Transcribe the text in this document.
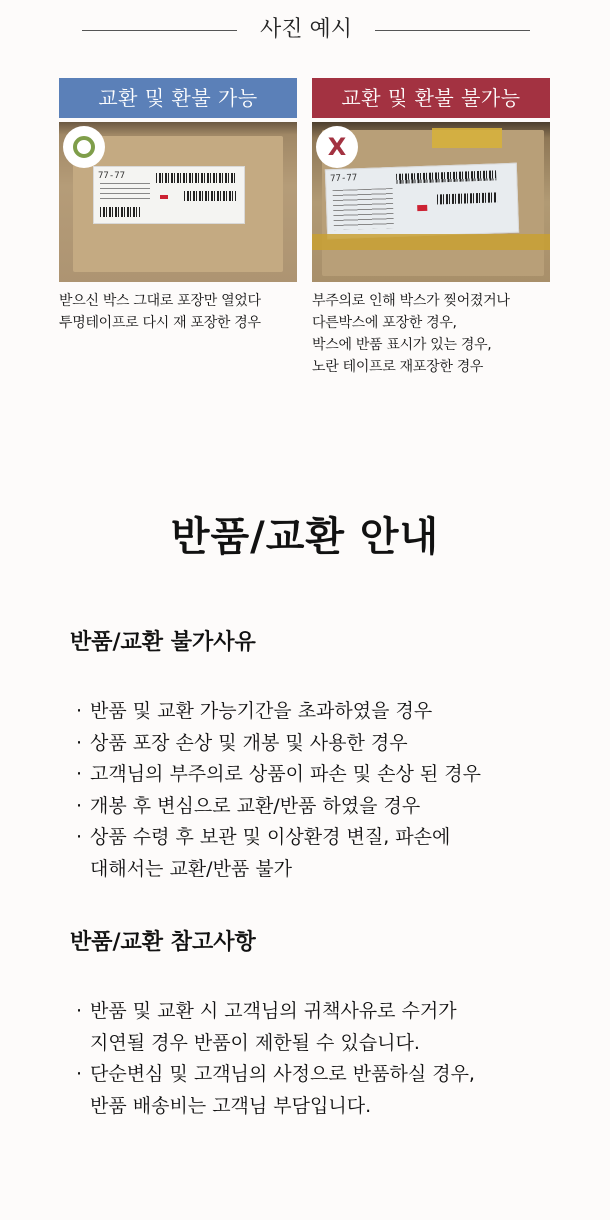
사진 예시
교환 및 환불 가능
77-77
받으신 박스 그대로 포장만 열었다
투명테이프로 다시 재 포장한 경우
교환 및 환불 불가능
77-77
X
부주의로 인해 박스가 찢어졌거나
다른박스에 포장한 경우,
박스에 반품 표시가 있는 경우,
노란 테이프로 재포장한 경우
반품/교환 안내
반품/교환 불가사유
· 반품 및 교환 가능기간을 초과하였을 경우
· 상품 포장 손상 및 개봉 및 사용한 경우
· 고객님의 부주의로 상품이 파손 및 손상 된 경우
· 개봉 후 변심으로 교환/반품 하였을 경우
· 상품 수령 후 보관 및 이상환경 변질, 파손에
대해서는 교환/반품 불가
반품/교환 참고사항
· 반품 및 교환 시 고객님의 귀책사유로 수거가
지연될 경우 반품이 제한될 수 있습니다.
· 단순변심 및 고객님의 사정으로 반품하실 경우,
반품 배송비는 고객님 부담입니다.
